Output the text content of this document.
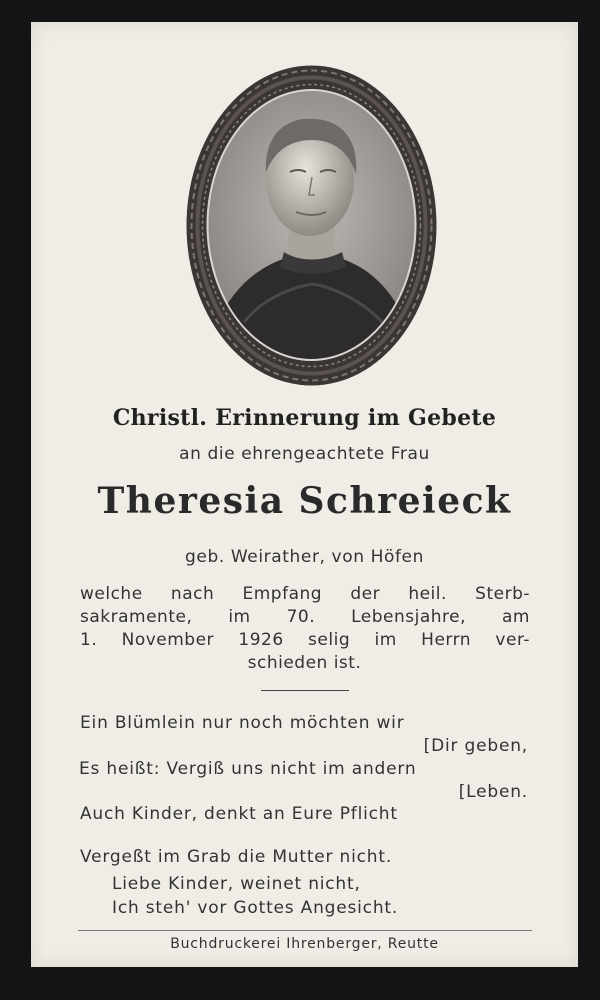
Christl. Erinnerung im Gebete
an die ehrengeachtete Frau
Theresia Schreieck
geb. Weirather, von Höfen
welche nach Empfang der heil. Sterb-
sakramente, im 70. Lebensjahre, am
1. November 1926 selig im Herrn ver-
schieden ist.
Ein Blümlein nur noch möchten wir
[Dir geben,
Es heißt: Vergiß uns nicht im andern
[Leben.
Auch Kinder, denkt an Eure Pflicht
Vergeßt im Grab die Mutter nicht.
Liebe Kinder, weinet nicht,
Ich steh' vor Gottes Angesicht.
Buchdruckerei Ihrenberger, Reutte
